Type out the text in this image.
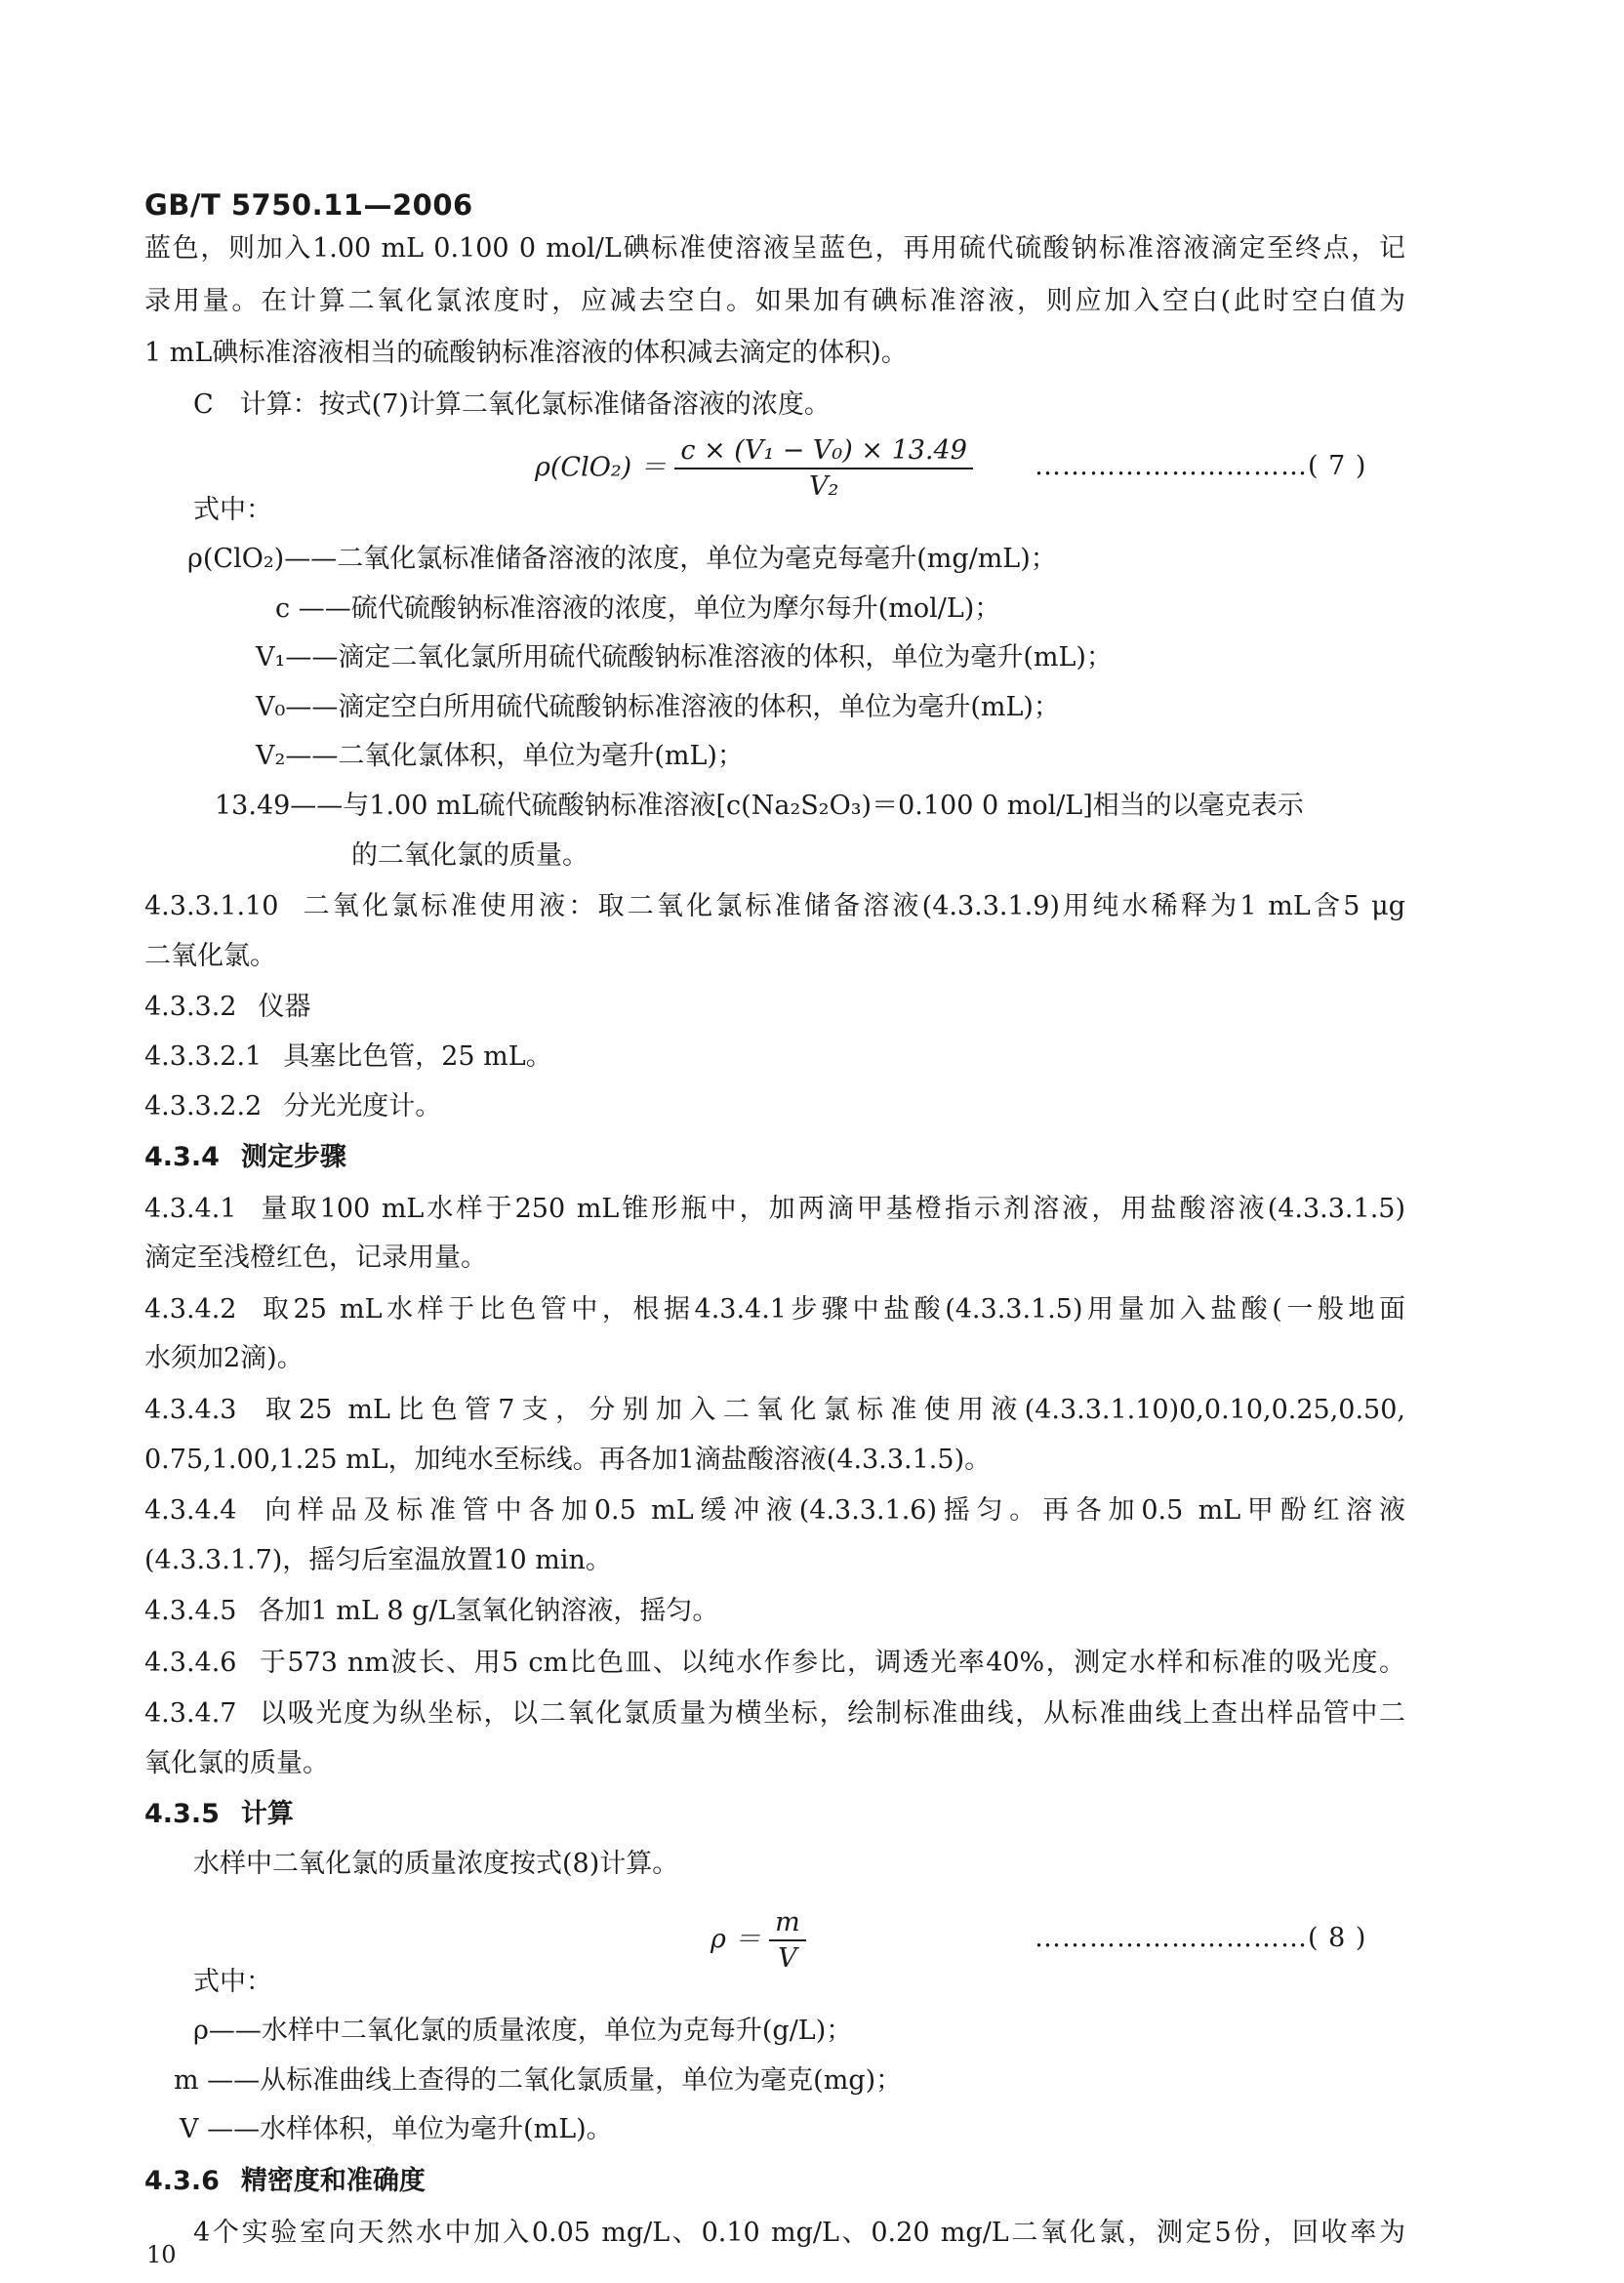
GB/T 5750.11—2006
蓝色，则加入1.00 mL 0.100 0 mol/L碘标准使溶液呈蓝色，再用硫代硫酸钠标准溶液滴定至终点，记
录用量。在计算二氧化氯浓度时，应减去空白。如果加有碘标准溶液，则应加入空白(此时空白值为
1 mL碘标准溶液相当的硫酸钠标准溶液的体积减去滴定的体积)。
C　计算：按式(7)计算二氧化氯标准储备溶液的浓度。
式中：
ρ(ClO₂)——二氧化氯标准储备溶液的浓度，单位为毫克每毫升(mg/mL)；
c ——硫代硫酸钠标准溶液的浓度，单位为摩尔每升(mol/L)；
V₁——滴定二氧化氯所用硫代硫酸钠标准溶液的体积，单位为毫升(mL)；
V₀——滴定空白所用硫代硫酸钠标准溶液的体积，单位为毫升(mL)；
V₂——二氧化氯体积，单位为毫升(mL)；
13.49——与1.00 mL硫代硫酸钠标准溶液[c(Na₂S₂O₃)＝0.100 0 mol/L]相当的以毫克表示
的二氧化氯的质量。
4.3.3.1.10 二氧化氯标准使用液：取二氧化氯标准储备溶液(4.3.3.1.9)用纯水稀释为1 mL含5 μg
二氧化氯。
4.3.3.2 仪器
4.3.3.2.1 具塞比色管，25 mL。
4.3.3.2.2 分光光度计。
4.3.4 测定步骤
4.3.4.1 量取100 mL水样于250 mL锥形瓶中，加两滴甲基橙指示剂溶液，用盐酸溶液(4.3.3.1.5)
滴定至浅橙红色，记录用量。
4.3.4.2 取25 mL水样于比色管中，根据4.3.4.1步骤中盐酸(4.3.3.1.5)用量加入盐酸(一般地面
水须加2滴)。
4.3.4.3 取25 mL比色管7支，分别加入二氧化氯标准使用液(4.3.3.1.10)0,0.10,0.25,0.50,
0.75,1.00,1.25 mL，加纯水至标线。再各加1滴盐酸溶液(4.3.3.1.5)。
4.3.4.4 向样品及标准管中各加0.5 mL缓冲液(4.3.3.1.6)摇匀。再各加0.5 mL甲酚红溶液
(4.3.3.1.7)，摇匀后室温放置10 min。
4.3.4.5 各加1 mL 8 g/L氢氧化钠溶液，摇匀。
4.3.4.6 于573 nm波长、用5 cm比色皿、以纯水作参比，调透光率40%，测定水样和标准的吸光度。
4.3.4.7 以吸光度为纵坐标，以二氧化氯质量为横坐标，绘制标准曲线，从标准曲线上查出样品管中二
氧化氯的质量。
4.3.5 计算
水样中二氧化氯的质量浓度按式(8)计算。
式中：
ρ——水样中二氧化氯的质量浓度，单位为克每升(g/L)；
m ——从标准曲线上查得的二氧化氯质量，单位为毫克(mg)；
V ——水样体积，单位为毫升(mL)。
4.3.6 精密度和准确度
$\rho(ClO_2) = \frac{\text{c × (V₁ − V₀) × 13.49}}{\text{V₂}}$ …………………………( 7 )
$\rho = \frac{m}{V}$	…………………………( 8 )
4个实验室向天然水中加入0.05 mg/L、0.10 mg/L、0.20 mg/L二氧化氯，测定5份，回收率为
10
